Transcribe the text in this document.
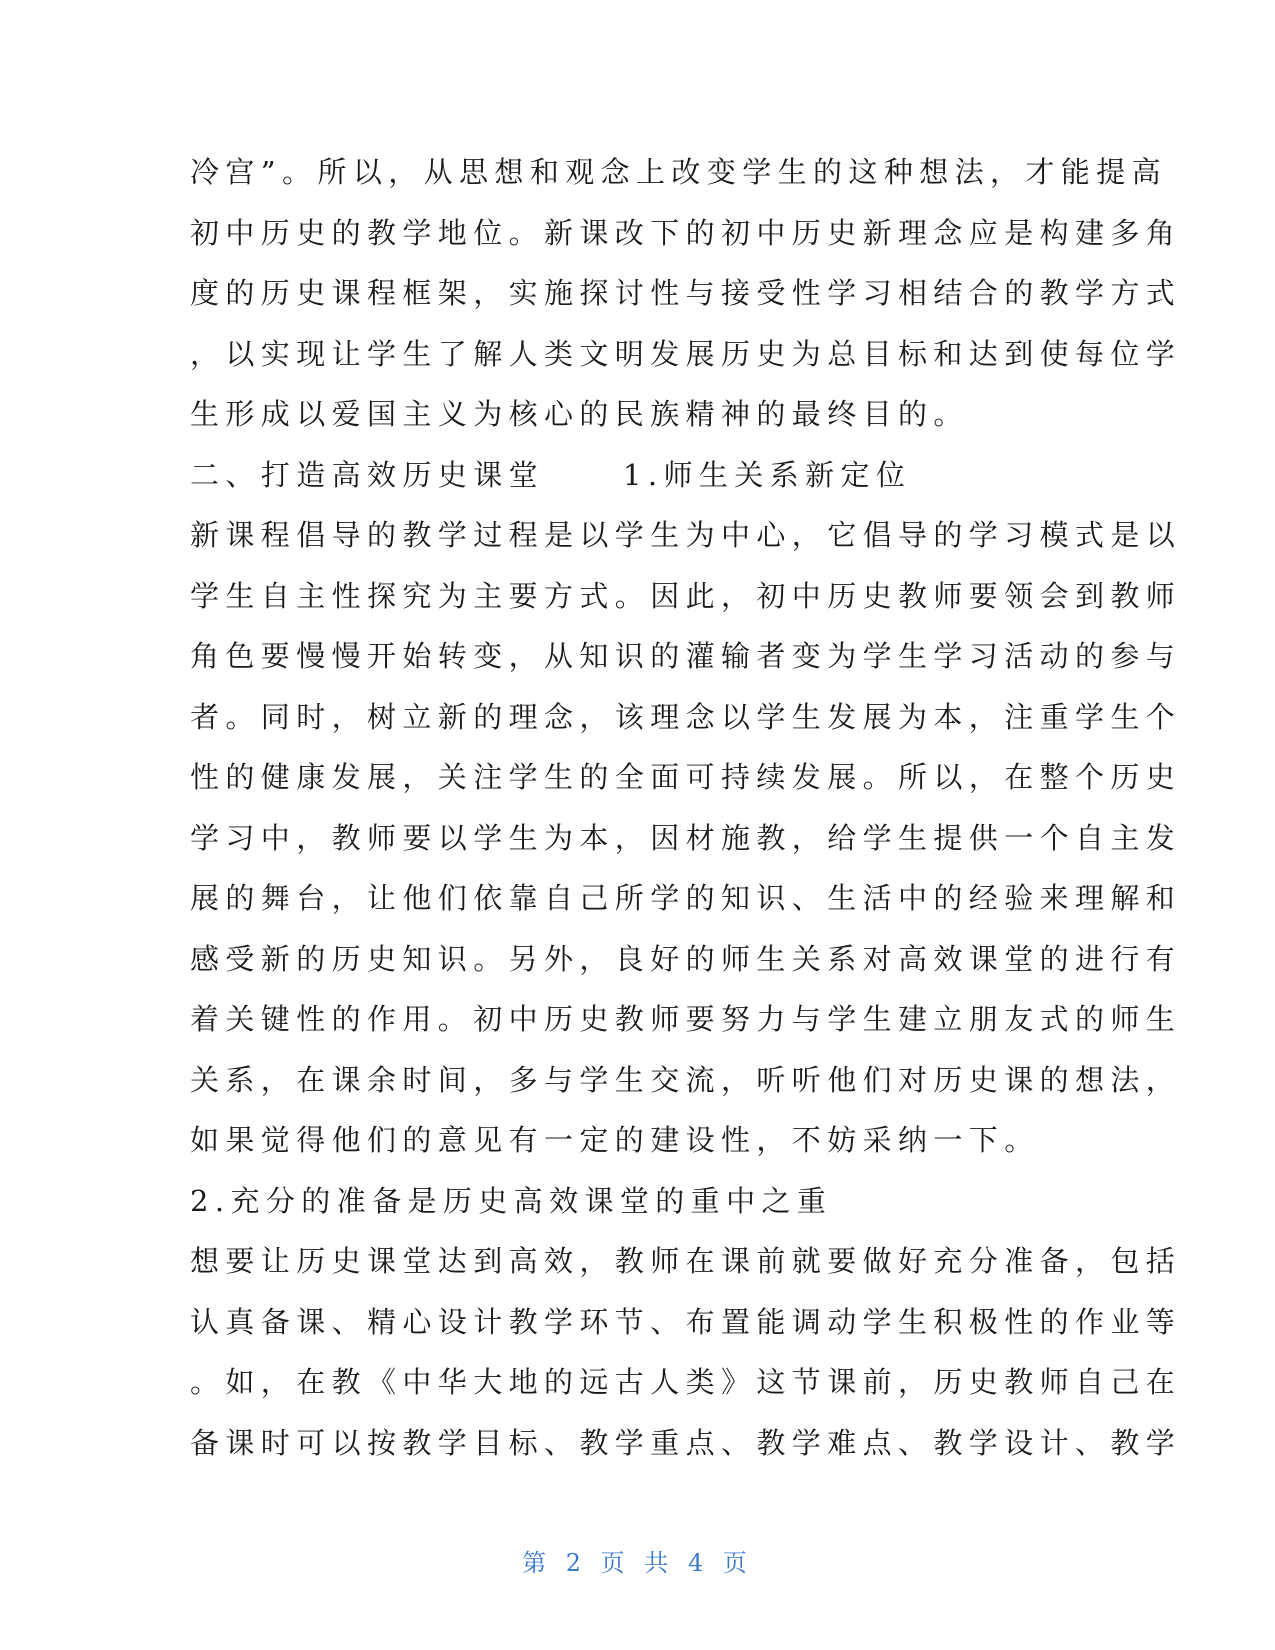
冷宫”。所以，从思想和观念上改变学生的这种想法，才能提高
初中历史的教学地位。新课改下的初中历史新理念应是构建多角
度的历史课程框架，实施探讨性与接受性学习相结合的教学方式
，以实现让学生了解人类文明发展历史为总目标和达到使每位学
生形成以爱国主义为核心的民族精神的最终目的。
二、打造高效历史课堂	1.师生关系新定位
新课程倡导的教学过程是以学生为中心，它倡导的学习模式是以
学生自主性探究为主要方式。因此，初中历史教师要领会到教师
角色要慢慢开始转变，从知识的灌输者变为学生学习活动的参与
者。同时，树立新的理念，该理念以学生发展为本，注重学生个
性的健康发展，关注学生的全面可持续发展。所以，在整个历史
学习中，教师要以学生为本，因材施教，给学生提供一个自主发
展的舞台，让他们依靠自己所学的知识、生活中的经验来理解和
感受新的历史知识。另外，良好的师生关系对高效课堂的进行有
着关键性的作用。初中历史教师要努力与学生建立朋友式的师生
关系，在课余时间，多与学生交流，听听他们对历史课的想法，
如果觉得他们的意见有一定的建设性，不妨采纳一下。
2.充分的准备是历史高效课堂的重中之重
想要让历史课堂达到高效，教师在课前就要做好充分准备，包括
认真备课、精心设计教学环节、布置能调动学生积极性的作业等
。如，在教《中华大地的远古人类》这节课前，历史教师自己在
备课时可以按教学目标、教学重点、教学难点、教学设计、教学
第 2 页 共 4 页
